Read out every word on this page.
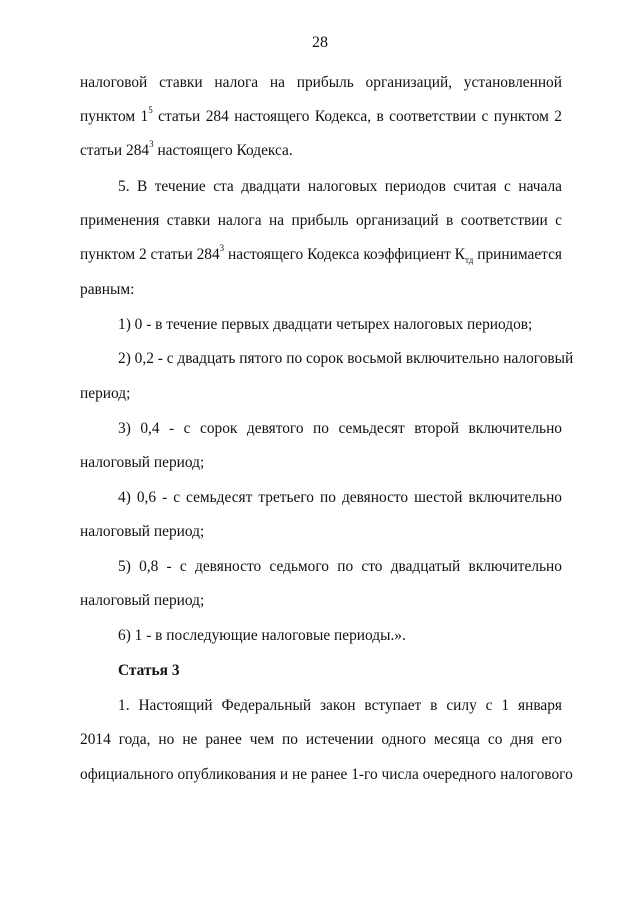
28
налоговой ставки налога на прибыль организаций, установленной
пунктом $1^5$ статьи 284 настоящего Кодекса, в соответствии с пунктом 2
статьи $284^3$ настоящего Кодекса.
5. В течение ста двадцати налоговых периодов считая с начала
применения ставки налога на прибыль организаций в соответствии с
пунктом 2 статьи $284^3$ настоящего Кодекса коэффициент $К_{тд}$ принимается
равным:
1) 0 - в течение первых двадцати четырех налоговых периодов;
2) 0,2 - с двадцать пятого по сорок восьмой включительно налоговый
период;
3) 0,4 - с сорок девятого по семьдесят второй включительно
налоговый период;
4) 0,6 - с семьдесят третьего по девяносто шестой включительно
налоговый период;
5) 0,8 - с девяносто седьмого по сто двадцатый включительно
налоговый период;
6) 1 - в последующие налоговые периоды.».
Статья 3
1. Настоящий Федеральный закон вступает в силу с 1 января
2014 года, но не ранее чем по истечении одного месяца со дня его
официального опубликования и не ранее 1-го числа очередного налогового
